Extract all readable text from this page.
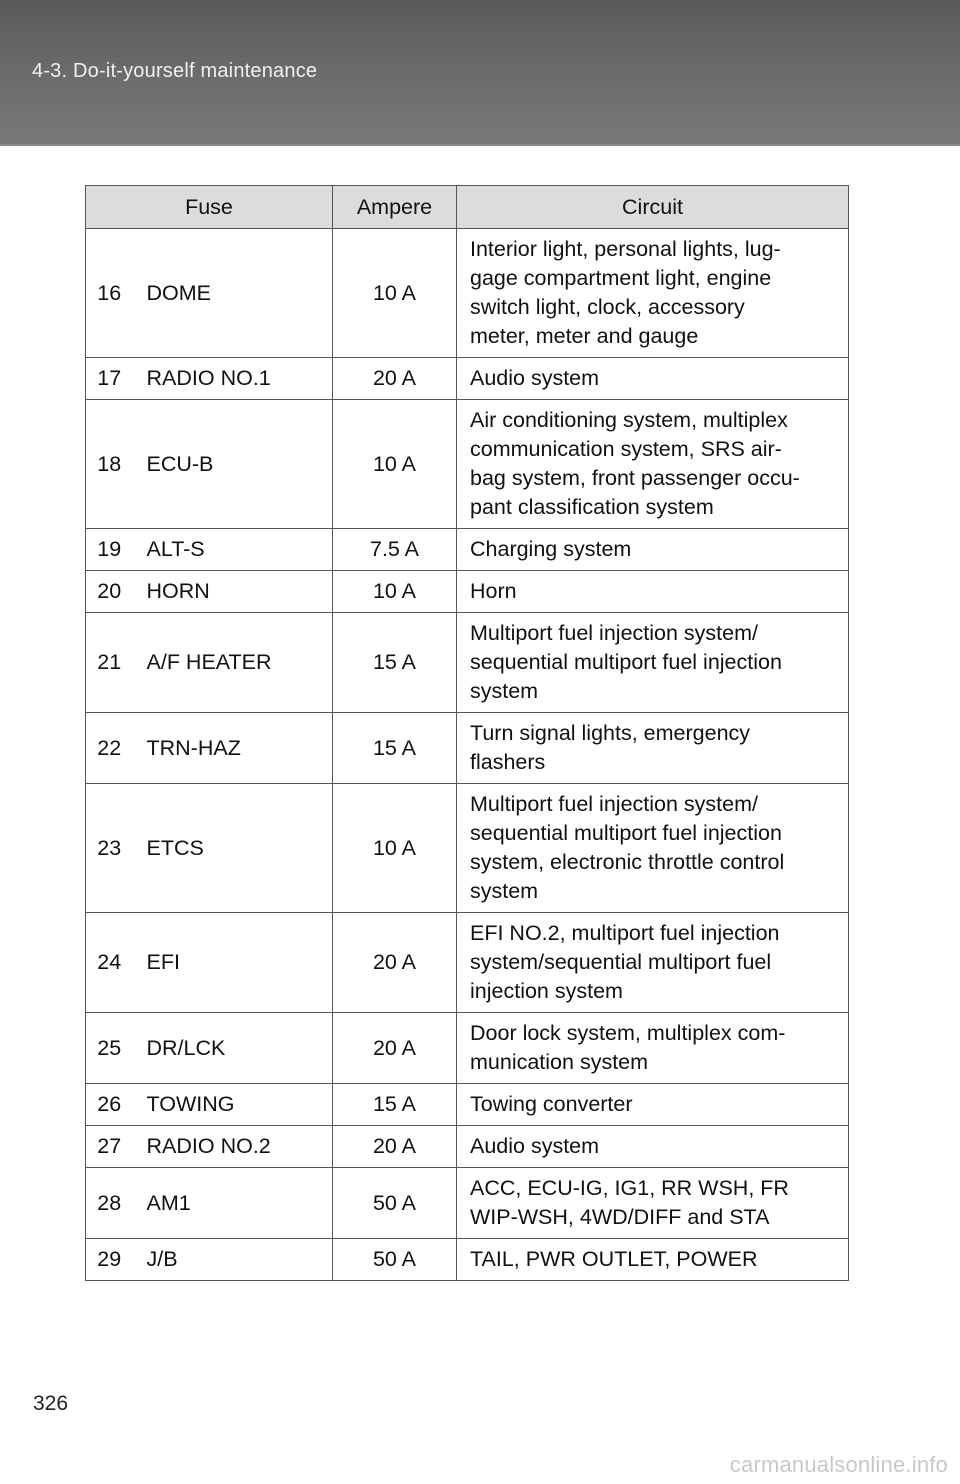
4-3. Do-it-yourself maintenance
Fuse		Ampere	Circuit
16	DOME	10 A	Interior light, personal lights, lug-
gage compartment light, engine
switch light, clock, accessory
meter, meter and gauge

17	RADIO NO.1	20 A	Audio system

18	ECU-B	10 A	Air conditioning system, multiplex
communication system, SRS air-
bag system, front passenger occu-
pant classification system

19	ALT-S	7.5 A	Charging system

20	HORN	10 A	Horn

21	A/F HEATER	15 A	Multiport fuel injection system/
sequential multiport fuel injection
system

22	TRN-HAZ	15 A	Turn signal lights, emergency
flashers

23	ETCS	10 A	Multiport fuel injection system/
sequential multiport fuel injection
system, electronic throttle control
system

24	EFI	20 A	EFI NO.2, multiport fuel injection
system/sequential multiport fuel
injection system

25	DR/LCK	20 A	Door lock system, multiplex com-
munication system

26	TOWING	15 A	Towing converter

27	RADIO NO.2	20 A	Audio system

28	AM1	50 A	ACC, ECU-IG, IG1, RR WSH, FR
WIP-WSH, 4WD/DIFF and STA

29	J/B	50 A	TAIL, PWR OUTLET, POWER
326
carmanualsonline.info
